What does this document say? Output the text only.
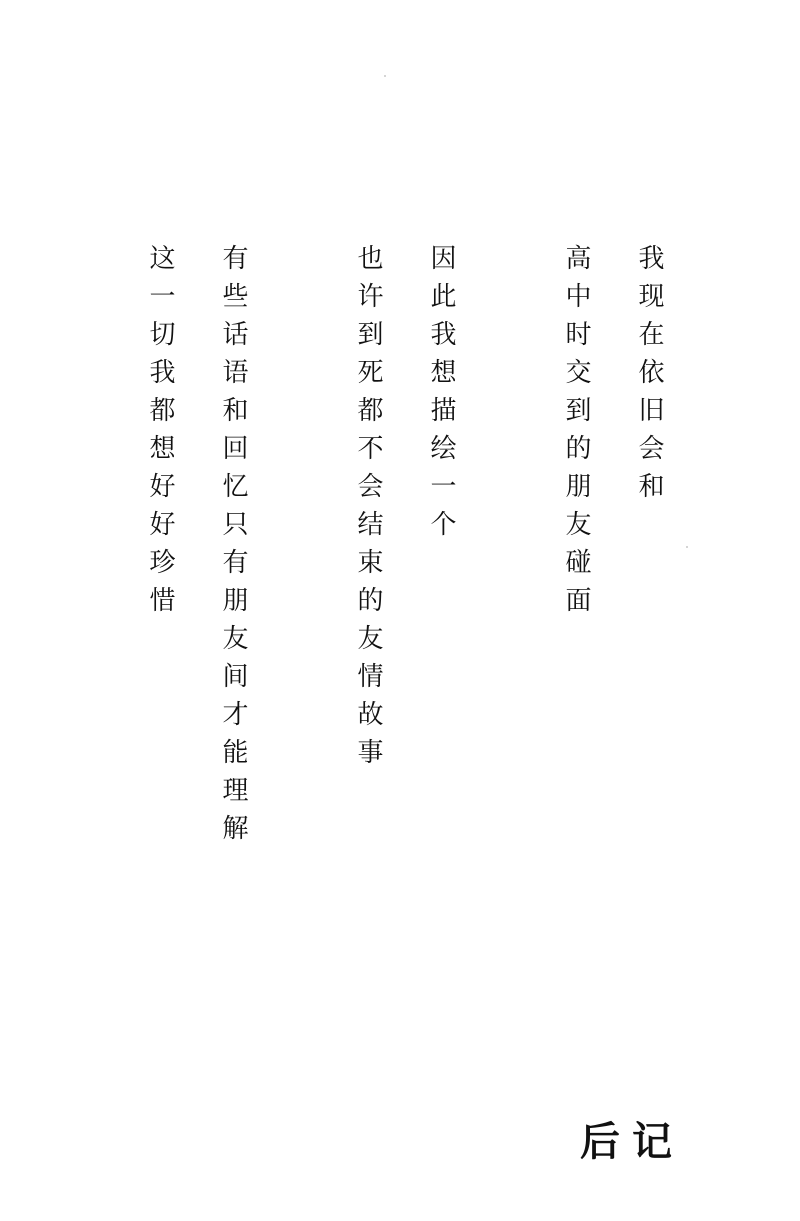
我现在依旧会和
高中时交到的朋友碰面
因此我想描绘一个
也许到死都不会结束的友情故事
有些话语和回忆只有朋友间才能理解
这一切我都想好好珍惜
后记
